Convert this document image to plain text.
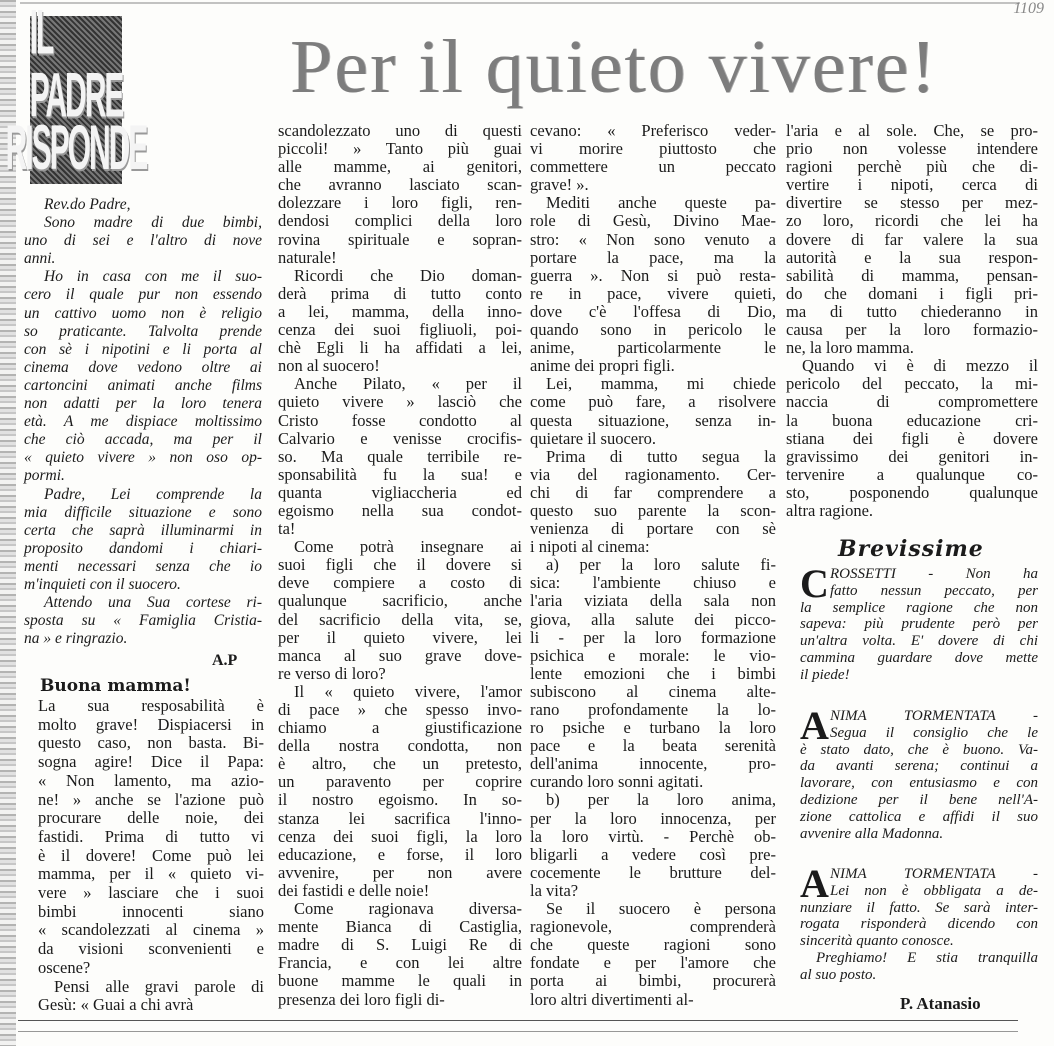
1109
IL PADRE
RISPONDE
Per il quieto vivere!
Rev.do Padre,
Sono madre di due bimbi,
uno di sei e l'altro di nove
anni.
Ho in casa con me il suo-
cero il quale pur non essendo
un cattivo uomo non è religio
so praticante. Talvolta prende
con sè i nipotini e li porta al
cinema dove vedono oltre ai
cartoncini animati anche films
non adatti per la loro tenera
età. A me dispiace moltissimo
che ciò accada, ma per il
« quieto vivere » non oso op-
pormi.
Padre, Lei comprende la
mia difficile situazione e sono
certa che saprà illuminarmi in
proposito dandomi i chiari-
menti necessari senza che io
m'inquieti con il suocero.
Attendo una Sua cortese ri-
sposta su « Famiglia Cristia-
na » e ringrazio.
A.P
Buona mamma!
La sua resposabilità è
molto grave! Dispiacersi in
questo caso, non basta. Bi-
sogna agire! Dice il Papa:
« Non lamento, ma azio-
ne! » anche se l'azione può
procurare delle noie, dei
fastidi. Prima di tutto vi
è il dovere! Come può lei
mamma, per il « quieto vi-
vere » lasciare che i suoi
bimbi innocenti siano
« scandolezzati al cinema »
da visioni sconvenienti e
oscene?
Pensi alle gravi parole di
Gesù: « Guai a chi avrà
scandolezzato uno di questi
piccoli! » Tanto più guai
alle mamme, ai genitori,
che avranno lasciato scan-
dolezzare i loro figli, ren-
dendosi complici della loro
rovina spirituale e sopran-
naturale!
Ricordi che Dio doman-
derà prima di tutto conto
a lei, mamma, della inno-
cenza dei suoi figliuoli, poi-
chè Egli li ha affidati a lei,
non al suocero!
Anche Pilato, « per il
quieto vivere » lasciò che
Cristo fosse condotto al
Calvario e venisse crocifis-
so. Ma quale terribile re-
sponsabilità fu la sua! e
quanta vigliaccheria ed
egoismo nella sua condot-
ta!
Come potrà insegnare ai
suoi figli che il dovere si
deve compiere a costo di
qualunque sacrificio, anche
del sacrificio della vita, se,
per il quieto vivere, lei
manca al suo grave dove-
re verso di loro?
Il « quieto vivere, l'amor
di pace » che spesso invo-
chiamo a giustificazione
della nostra condotta, non
è altro, che un pretesto,
un paravento per coprire
il nostro egoismo. In so-
stanza lei sacrifica l'inno-
cenza dei suoi figli, la loro
educazione, e forse, il loro
avvenire, per non avere
dei fastidi e delle noie!
Come ragionava diversa-
mente Bianca di Castiglia,
madre di S. Luigi Re di
Francia, e con lei altre
buone mamme le quali in
presenza dei loro figli di-
cevano: « Preferisco veder-
vi morire piuttosto che
commettere un peccato
grave! ».
Mediti anche queste pa-
role di Gesù, Divino Mae-
stro: « Non sono venuto a
portare la pace, ma la
guerra ». Non si può resta-
re in pace, vivere quieti,
dove c'è l'offesa di Dio,
quando sono in pericolo le
anime, particolarmente le
anime dei propri figli.
Lei, mamma, mi chiede
come può fare, a risolvere
questa situazione, senza in-
quietare il suocero.
Prima di tutto segua la
via del ragionamento. Cer-
chi di far comprendere a
questo suo parente la scon-
venienza di portare con sè
i nipoti al cinema:
a) per la loro salute fi-
sica: l'ambiente chiuso e
l'aria viziata della sala non
giova, alla salute dei picco-
li - per la loro formazione
psichica e morale: le vio-
lente emozioni che i bimbi
subiscono al cinema alte-
rano profondamente la lo-
ro psiche e turbano la loro
pace e la beata serenità
dell'anima innocente, pro-
curando loro sonni agitati.
b) per la loro anima,
per la loro innocenza, per
la loro virtù. - Perchè ob-
bligarli a vedere così pre-
cocemente le brutture del-
la vita?
Se il suocero è persona
ragionevole, comprenderà
che queste ragioni sono
fondate e per l'amore che
porta ai bimbi, procurerà
loro altri divertimenti al-
l'aria e al sole. Che, se pro-
prio non volesse intendere
ragioni perchè più che di-
vertire i nipoti, cerca di
divertire se stesso per mez-
zo loro, ricordi che lei ha
dovere di far valere la sua
autorità e la sua respon-
sabilità di mamma, pensan-
do che domani i figli pri-
ma di tutto chiederanno in
causa per la loro formazio-
ne, la loro mamma.
Quando vi è di mezzo il
pericolo del peccato, la mi-
naccia di compromettere
la buona educazione cri-
stiana dei figli è dovere
gravissimo dei genitori in-
tervenire a qualunque co-
sto, posponendo qualunque
altra ragione.
Brevissime
C ROSSETTI - Non ha
fatto nessun peccato, per
la semplice ragione che non
sapeva: più prudente però per
un'altra volta. E' dovere di chi
cammina guardare dove mette
il piede!
A NIMA TORMENTATA -
Segua il consiglio che le
è stato dato, che è buono. Va-
da avanti serena; continui a
lavorare, con entusiasmo e con
dedizione per il bene nell'A-
zione cattolica e affidi il suo
avvenire alla Madonna.
A NIMA TORMENTATA -
Lei non è obbligata a de-
nunziare il fatto. Se sarà inter-
rogata risponderà dicendo con
sincerità quanto conosce.
Preghiamo! E stia tranquilla
al suo posto.
P. Atanasio
